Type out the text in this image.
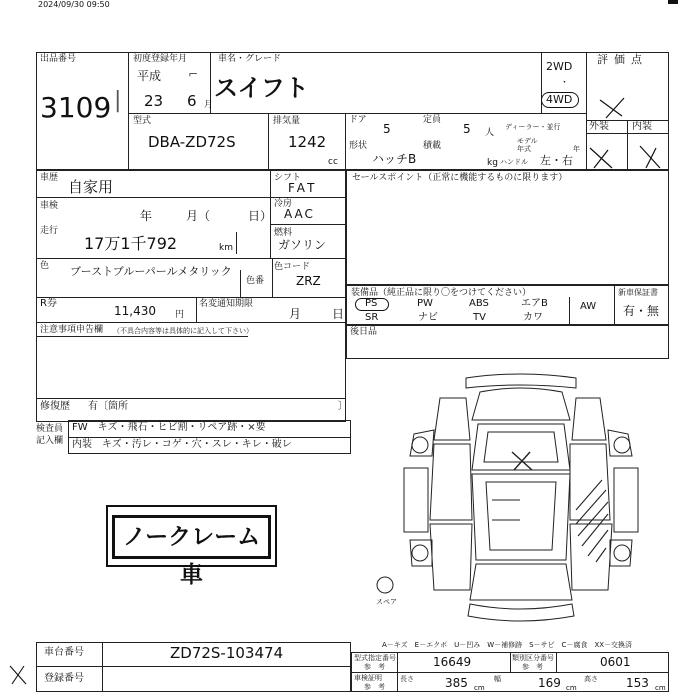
2024/09/30 09:50
出品番号
3109 |
初度登録年月
平成 ⌐
23 6 月
車名・グレード
スイフト
2WD
・
4WD
評価点
外装 内装
型式
DBA-ZD72S
排気量
1242
cc
ドア
5
定員
5 人
ディーラー・並行
形状
ハッチB
積載
kg
モデル
年式	年
ハンドル 左・右
車歴 自家用	シフト
FAT
セールスポイント（正常に機能するものに限ります）
車検
年	月（	日）
冷房
AAC
走行
17万1千792	km
燃料
ガソリン
色 ブーストブルーパールメタリック
色番
色コード
ZRZ
装備品（純正品に限り〇をつけてください）
PS	PW	ABS	エアB	AW
SR	ナビ	TV	カワ
新車保証書
有・無
R券
11,430 円
名変通知期限
月	日
注意事項申告欄 （不具合内容等は具体的に記入して下さい）	後日品
修復歴 有〔箇所	〕
検査員
記入欄
FW　キズ・飛石・ヒビ割・リペア跡・×要
内装　キズ・汚レ・コゲ・穴・スレ・キレ・破レ
ノークレーム車
スペア
A－キズ　E－エクボ　U－凹み　W－補修跡　S－サビ　C－腐食　XX－交換済
車台番号	ZD72S-103474
登録番号
型式指定番号
参　考	16649	類別区分番号
参　考	0601
車検証明
参　考
長さ	385 cm
幅	169 cm
高さ 153 cm
